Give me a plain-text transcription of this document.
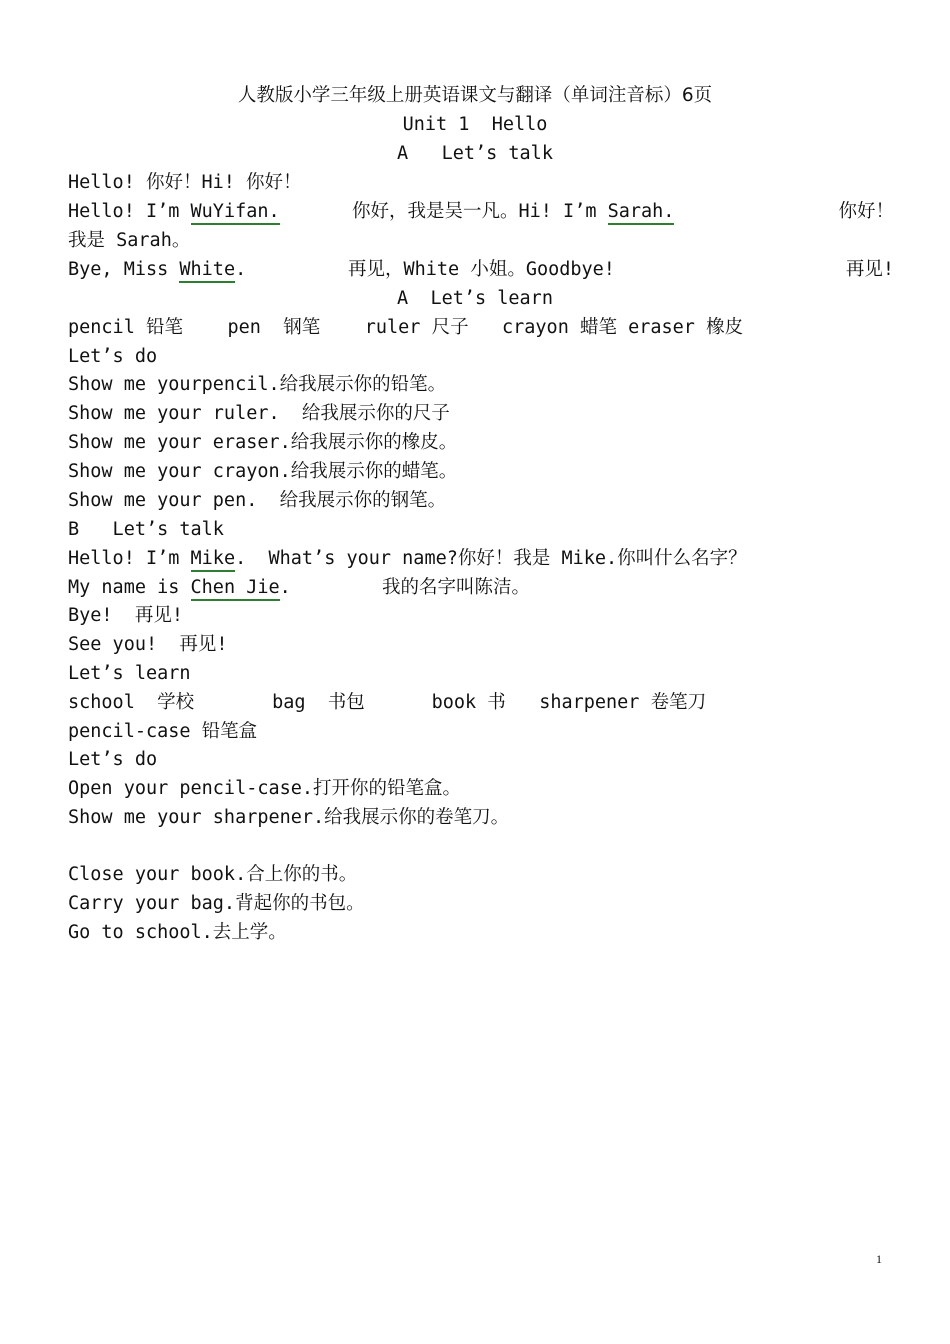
人教版小学三年级上册英语课文与翻译（单词注音标）6页
Unit 1  Hello
A   Let’s talk
Hello! 你好！Hi! 你好！

Hello! I’m WuYifan.

	你好，我是吴一凡。Hi! I’m Sarah.

	你好！

我是 Sarah。

Bye, Miss White.

	再见，White 小姐。Goodbye!

	再见!

A  Let’s learn
pencil 铅笔    pen  钢笔    ruler 尺子   crayon 蜡笔 eraser 橡皮
Let’s do
Show me yourpencil.给我展示你的铅笔。
Show me your ruler.  给我展示你的尺子
Show me your eraser.给我展示你的橡皮。
Show me your crayon.给我展示你的蜡笔。
Show me your pen.  给我展示你的钢笔。
B   Let’s talk
Hello! I’m Mike.  What’s your name?你好！我是 Mike.你叫什么名字？

My name is Chen Jie.

	我的名字叫陈洁。

Bye!  再见!
See you!  再见!
Let’s learn
school  学校       bag  书包      book 书   sharpener 卷笔刀
pencil-case 铅笔盒
Let’s do
Open your pencil-case.打开你的铅笔盒。
Show me your sharpener.给我展示你的卷笔刀。
Close your book.合上你的书。
Carry your bag.背起你的书包。
Go to school.去上学。
1
